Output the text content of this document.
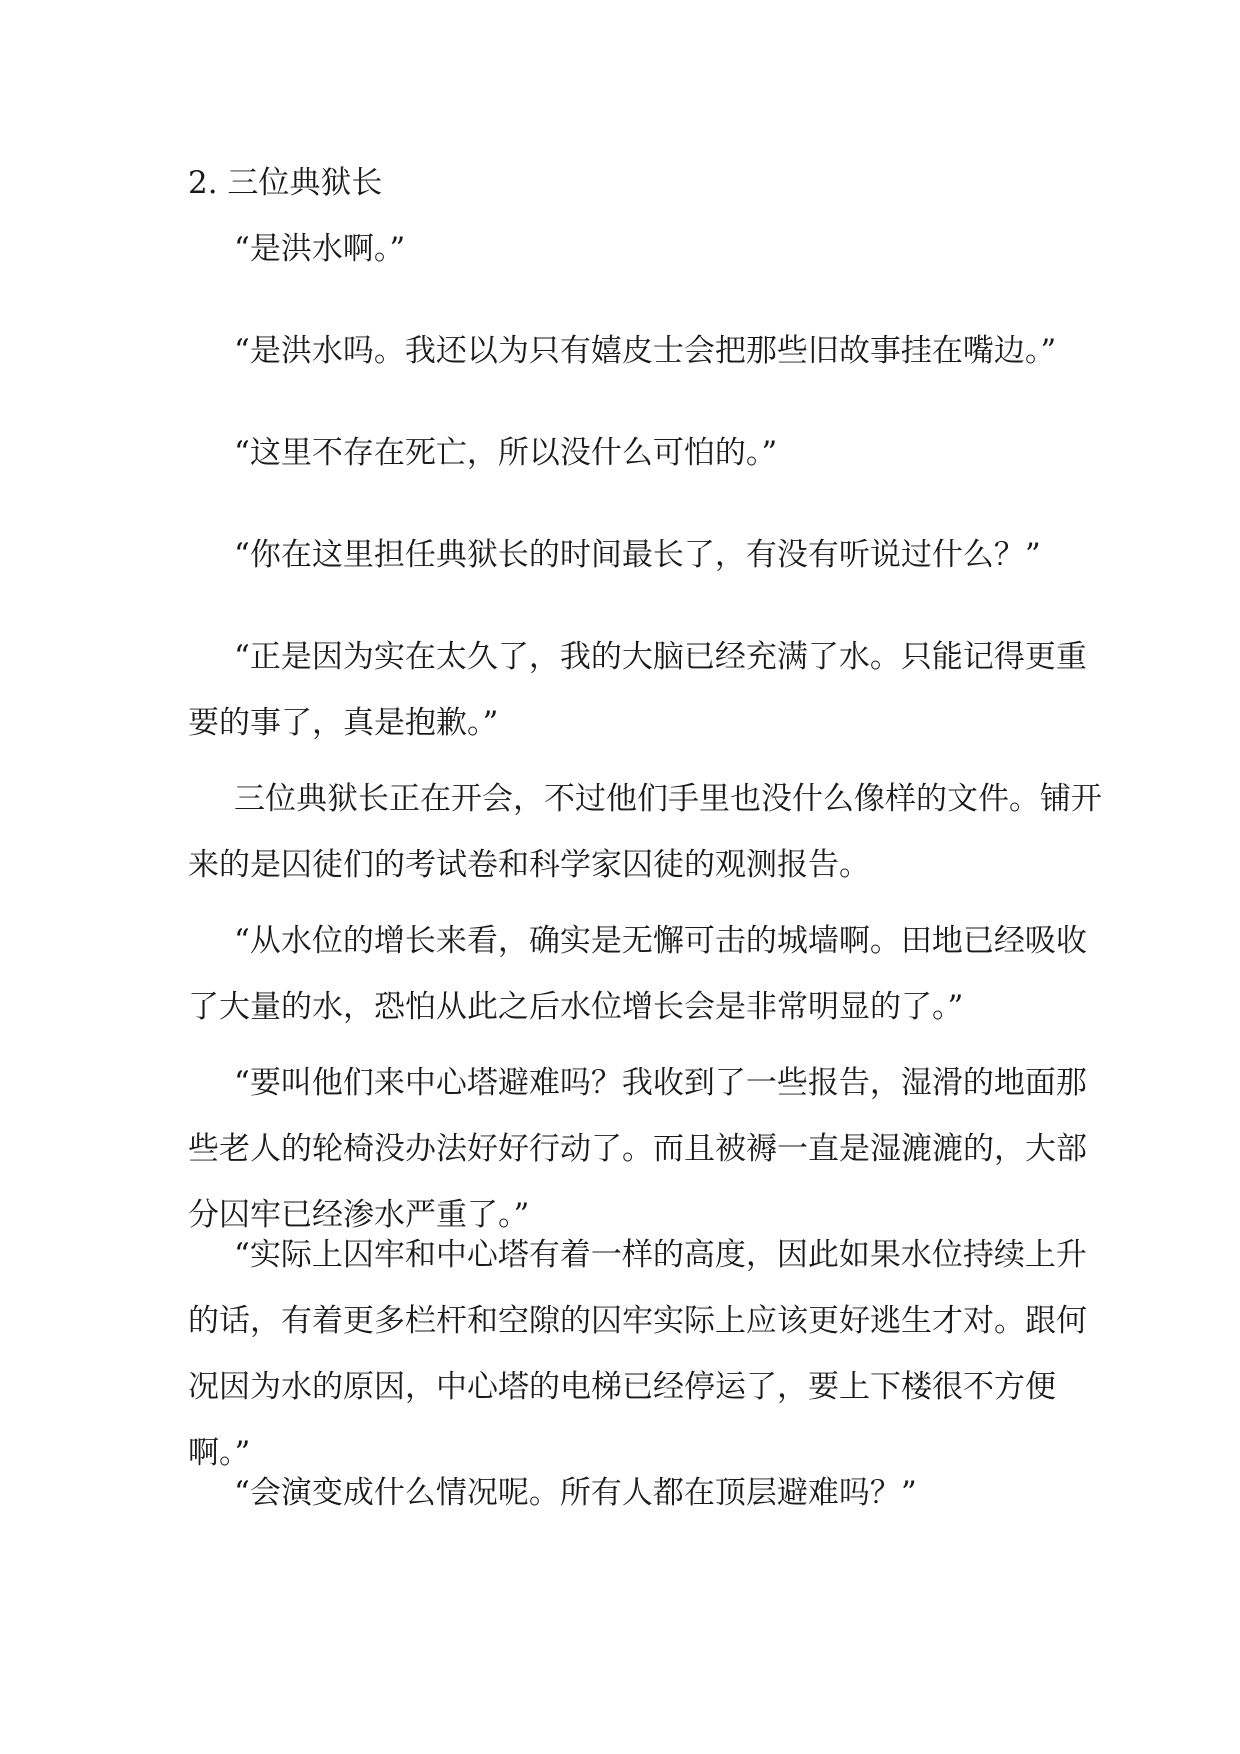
2. 三位典狱长
“是洪水啊。”
“是洪水吗。我还以为只有嬉皮士会把那些旧故事挂在嘴边。”
“这里不存在死亡，所以没什么可怕的。”
“你在这里担任典狱长的时间最长了，有没有听说过什么？”
“正是因为实在太久了，我的大脑已经充满了水。只能记得更重
要的事了，真是抱歉。”
三位典狱长正在开会，不过他们手里也没什么像样的文件。铺开
来的是囚徒们的考试卷和科学家囚徒的观测报告。
“从水位的增长来看，确实是无懈可击的城墙啊。田地已经吸收
了大量的水，恐怕从此之后水位增长会是非常明显的了。”
“要叫他们来中心塔避难吗？我收到了一些报告，湿滑的地面那
些老人的轮椅没办法好好行动了。而且被褥一直是湿漉漉的，大部
分囚牢已经渗水严重了。”
“实际上囚牢和中心塔有着一样的高度，因此如果水位持续上升
的话，有着更多栏杆和空隙的囚牢实际上应该更好逃生才对。跟何
况因为水的原因，中心塔的电梯已经停运了，要上下楼很不方便
啊。”
“会演变成什么情况呢。所有人都在顶层避难吗？”
